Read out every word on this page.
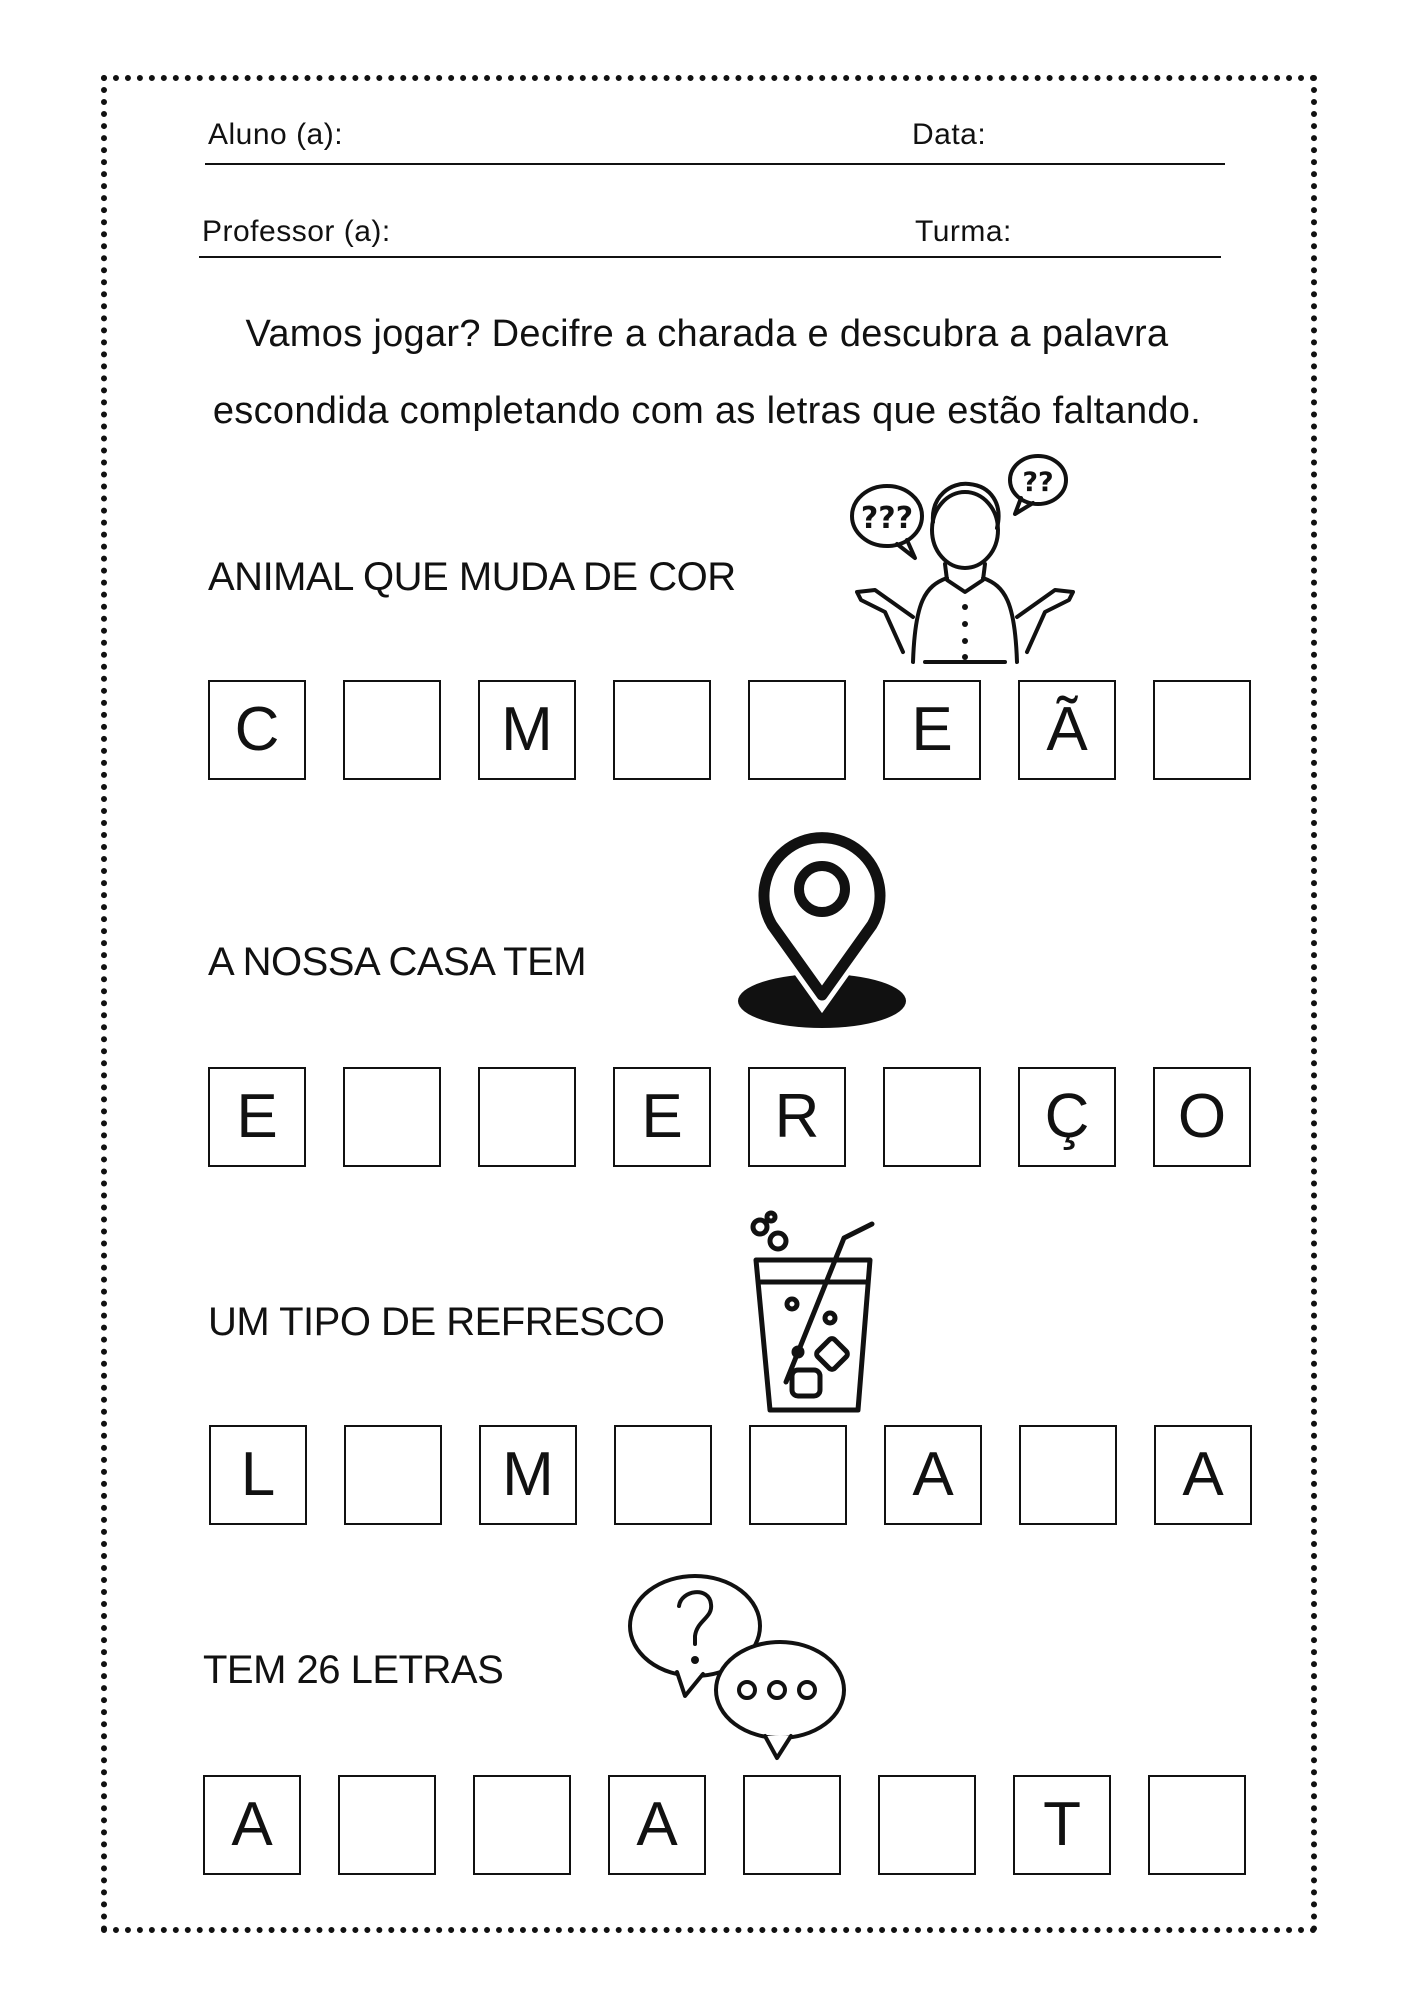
Aluno (a):	Data:
Professor (a):	Turma:
Vamos jogar? Decifre a charada e descubra a palavra
escondida completando com as letras que estão faltando.
ANIMAL QUE MUDA DE COR
???
??
C	M	E	Ã
A NOSSA CASA TEM
E	E	R	Ç	O
UM TIPO DE REFRESCO
L	M	A	A
TEM 26 LETRAS
A	A	T
